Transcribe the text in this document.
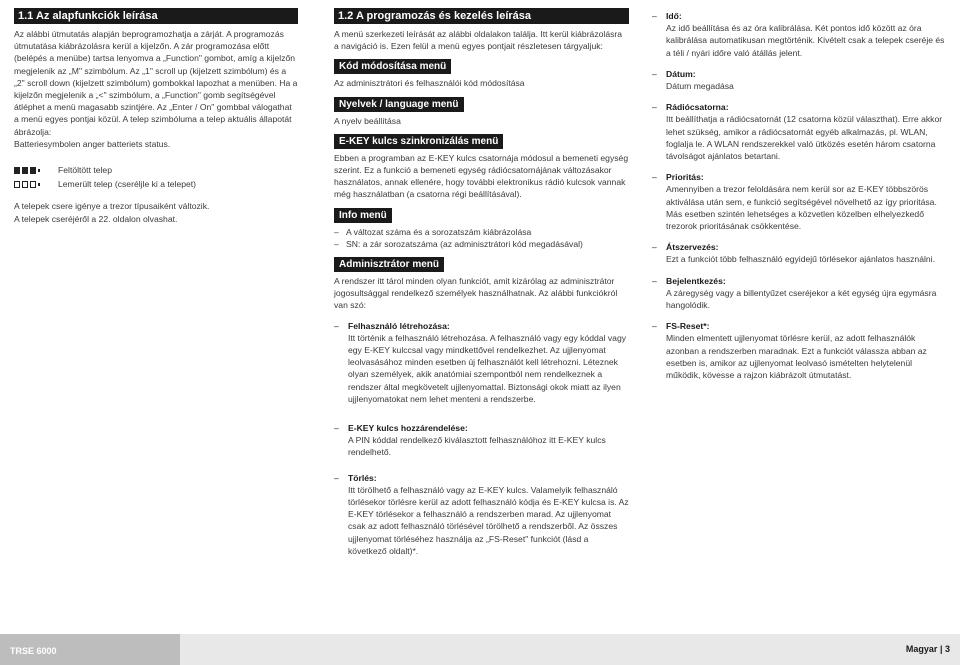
1.1 Az alapfunkciók leírása

Az alábbi útmutatás alapján beprogramozhatja a zárját. A programozás útmutatása kiábrázolásra kerül a kijelzőn. A zár programozása előtt (belépés a menübe) tartsa lenyomva a „Function" gombot, amíg a kijelzőn megjelenik az „M" szimbólum. Az „1" scroll up (kijelzett szimbólum) és a „2" scroll down (kijelzett szimbólum) gombokkal lapozhat a menüben. Ha a kijelzőn megjelenik a „<" szimbólum, a „Function" gomb segítségével átléphet a menü magasabb szintjére. Az „Enter / On" gombbal válogathat a menü egyes pontjai közül. A telep szimbóluma a telep aktuális állapotát ábrázolja:

Batteriesymbolen anger batteriets status.

Feltöltött telep
Lemerült telep (cseréljle ki a telepet)

A telepek csere igénye a trezor típusaiként változik.

A telepek cseréjéről a 22. oldalon olvashat.

1.2 A programozás és kezelés leírása

A menü szerkezeti leírását az alábbi oldalakon találja. Itt kerül kiábrázolásra a navigáció is. Ezen felül a menü egyes pontjait részletesen tárgyaljuk:

Kód módosítása menü

Az adminisztrátori és felhasználói kód módosítása

Nyelvek / language menü

A nyelv beállítása

E-KEY kulcs szinkronizálás menü

Ebben a programban az E-KEY kulcs csatornája módosul a bemeneti egység szerint. Ez a funkció a bemeneti egység rádiócsatornájának változásakor használatos, annak ellenére, hogy további elektronikus rádió kulcsok vannak még használatban (a csatorna régi beállításával).

Info menü
– A változat száma és a sorozatszám kiábrázolása
– SN: a zár sorozatszáma (az adminisztrátori kód megadásával)
Adminisztrátor menü

A rendszer itt tárol minden olyan funkciót, amit kizárólag az adminisztrátor jogosultsággal rendelkező személyek használhatnak. Az alábbi funkciókról van szó:

– Felhasználó létrehozása:
Itt történik a felhasználó létrehozása. A felhasználó vagy egy kóddal vagy egy E-KEY kulccsal vagy mindkettővel rendelkezhet. Az ujjlenyomat leolvasásához minden esetben új felhasználót kell létrehozni. Léteznek olyan személyek, akik anatómiai szempontból nem rendelkeznek a rendszer által megkövetelt ujjlenyomattal. Biztonsági okok miatt az ilyen ujjlenyomatokat nem lehet menteni a rendszerbe.
– E-KEY kulcs hozzárendelése:
A PIN kóddal rendelkező kiválasztott felhasználóhoz itt E-KEY kulcs rendelhető.
– Törlés:
Itt törölhető a felhasználó vagy az E-KEY kulcs. Valamelyik felhasználó törlésekor törlésre kerül az adott felhasználó kódja és E-KEY kulcsa is. Az E-KEY törlésekor a felhasználó a rendszerben marad. Az ujjlenyomat csak az adott felhasználó törlésével törölhető a rendszerből. Az összes ujjlenyomat törléséhez használja az „FS-Reset" funkciót (lásd a következő oldalt)*.
– Idő:
Az idő beállítása és az óra kalibrálása. Két pontos idő között az óra kalibrálása automatikusan megtörténik. Kivételt csak a telepek cseréje és a téli / nyári időre való átállás jelent.
– Dátum:
Dátum megadása
– Rádiócsatorna:
Itt beállíthatja a rádiócsatornát (12 csatorna közül választhat). Erre akkor lehet szükség, amikor a rádiócsatornát egyéb alkalmazás, pl. WLAN, foglalja le. A WLAN rendszerekkel való ütközés esetén három csatorna távolságot ajánlatos betartani.
– Prioritás:
Amennyiben a trezor feloldására nem kerül sor az E-KEY többszörös aktiválása után sem, e funkció segítségével növelhető az így prioritása. Más esetben szintén lehetséges a közvetlen közelben elhelyezkedő trezorok prioritásának csökkentése.
– Átszervezés:
Ezt a funkciót több felhasználó egyidejű törlésekor ajánlatos használni.
– Bejelentkezés:
A záregység vagy a billentyűzet cseréjekor a két egység újra egymásra hangolódik.
– FS-Reset*:
Minden elmentett ujjlenyomat törlésre kerül, az adott felhasználók azonban a rendszerben maradnak. Ezt a funkciót válassza abban az esetben is, amikor az ujjlenyomat leolvasó ismételten helytelenül működik, kövesse a rajzon kiábrázolt útmutatást.
TRSE 6000	Magyar | 3
